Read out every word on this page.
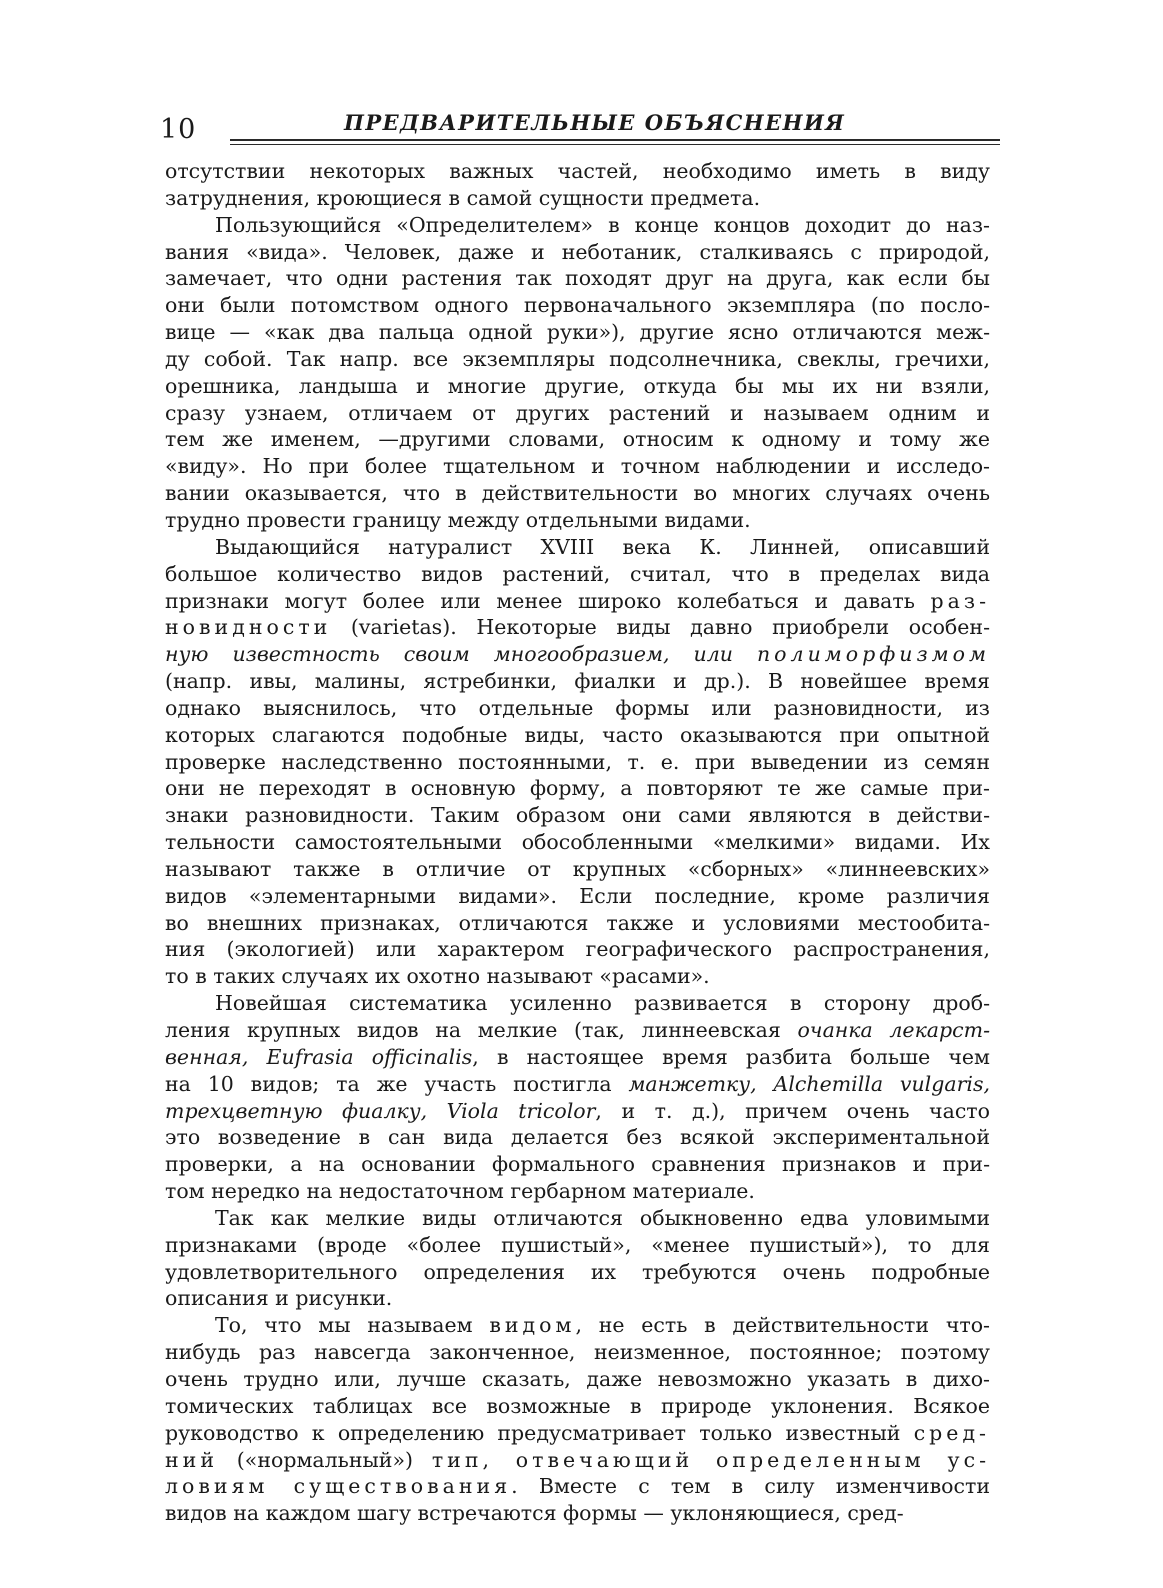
10	ПРЕДВАРИТЕЛЬНЫЕ ОБЪЯСНЕНИЯ
отсутствии некоторых важных частей, необходимо иметь в виду
затруднения, кроющиеся в самой сущности предмета.
Пользующийся «Определителем» в конце концов доходит до наз-
вания «вида». Человек, даже и неботаник, сталкиваясь с природой,
замечает, что одни растения так походят друг на друга, как если бы
они были потомством одного первоначального экземпляра (по посло-
вице — «как два пальца одной руки»), другие ясно отличаются меж-
ду собой. Так напр. все экземпляры подсолнечника, свеклы, гречихи,
орешника, ландыша и многие другие, откуда бы мы их ни взяли,
сразу узнаем, отличаем от других растений и называем одним и
тем же именем, —другими словами, относим к одному и тому же
«виду». Но при более тщательном и точном наблюдении и исследо-
вании оказывается, что в действительности во многих случаях очень
трудно провести границу между отдельными видами.
Выдающийся натуралист XVIII века К. Линней, описавший
большое количество видов растений, считал, что в пределах вида
признаки могут более или менее широко колебаться и давать раз-
новидности (varietas). Некоторые виды давно приобрели особен-
ную известность своим многообразием, или полиморфизмом
(напр. ивы, малины, ястребинки, фиалки и др.). В новейшее время
однако выяснилось, что отдельные формы или разновидности, из
которых слагаются подобные виды, часто оказываются при опытной
проверке наследственно постоянными, т. е. при выведении из семян
они не переходят в основную форму, а повторяют те же самые при-
знаки разновидности. Таким образом они сами являются в действи-
тельности самостоятельными обособленными «мелкими» видами. Их
называют также в отличие от крупных «сборных» «линнеевских»
видов «элементарными видами». Если последние, кроме различия
во внешних признаках, отличаются также и условиями местообита-
ния (экологией) или характером географического распространения,
то в таких случаях их охотно называют «расами».
Новейшая систематика усиленно развивается в сторону дроб-
ления крупных видов на мелкие (так, линнеевская очанка лекарст-
венная, Eufrasia officinalis, в настоящее время разбита больше чем
на 10 видов; та же участь постигла манжетку, Alchemilla vulgaris,
трехцветную фиалку, Viola tricolor, и т. д.), причем очень часто
это возведение в сан вида делается без всякой экспериментальной
проверки, а на основании формального сравнения признаков и при-
том нередко на недостаточном гербарном материале.
Так как мелкие виды отличаются обыкновенно едва уловимыми
признаками (вроде «более пушистый», «менее пушистый»), то для
удовлетворительного определения их требуются очень подробные
описания и рисунки.
То, что мы называем видом, не есть в действительности что-
нибудь раз навсегда законченное, неизменное, постоянное; поэтому
очень трудно или, лучше сказать, даже невозможно указать в дихо-
томических таблицах все возможные в природе уклонения. Всякое
руководство к определению предусматривает только известный сред-
ний («нормальный») тип, отвечающий определенным ус-
ловиям существования. Вместе с тем в силу изменчивости
видов на каждом шагу встречаются формы — уклоняющиеся, сред-
